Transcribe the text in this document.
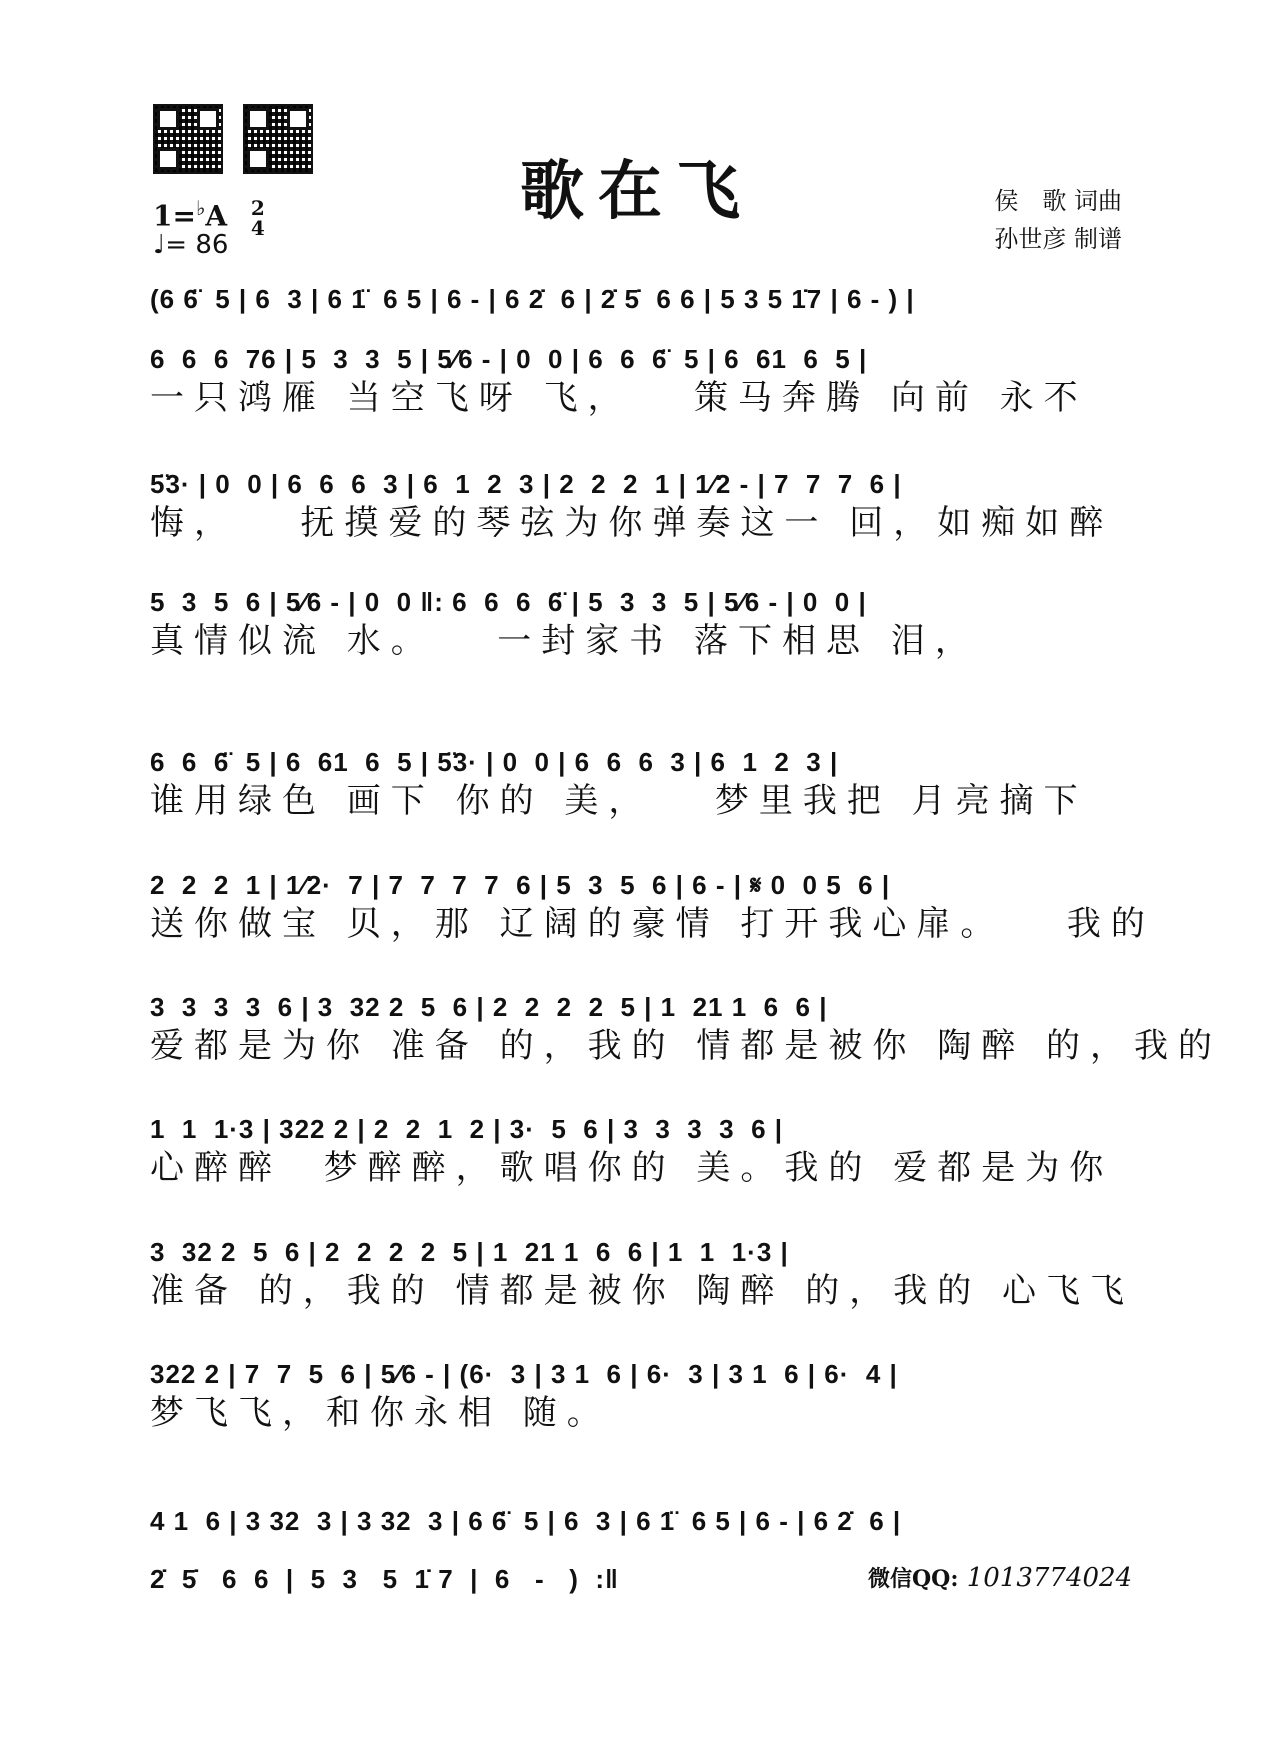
歌在飞	侯　歌 词曲
孙世彦 制谱
1=♭A 2
4
♩= 86
(6 6̈  5 | 6  3 | 6 1̈  6 5 | 6 - | 6 2̇  6 | 2̇ 5̇  6 6 | 5 3 5 1̇7 | 6 - ) |
6  6  6  76 | 5  3  3  5 | 5⁄6 - | 0  0 | 6  6  6̈  5 | 6  61  6  5 |
一只鸿雁 当空飞呀 飞，   策马奔腾 向前 永不
5̈3· | 0  0 | 6  6  6  3 | 6  1  2  3 | 2  2  2  1 | 1⁄2 - | 7  7  7  6 |
悔，   抚摸爱的琴弦为你弹奏这一 回，如痴如醉
5  3  5  6 | 5⁄6 - | 0  0 ‖: 6  6  6  6̈ | 5  3  3  5 | 5⁄6 - | 0  0 |
真情似流 水。   一封家书 落下相思 泪，
6  6  6̈  5 | 6  61  6  5 | 5̈3· | 0  0 | 6  6  6  3 | 6  1  2  3 |
谁用绿色 画下 你的 美，   梦里我把 月亮摘下
2  2  2  1 | 1⁄2·  7 | 7  7  7  7  6 | 5  3  5  6 | 6 - | 𝄋 0  0 5  6 |
送你做宝 贝，那 辽阔的豪情 打开我心扉。   我的
3  3  3  3  6 | 3  32 2  5  6 | 2  2  2  2  5 | 1  21 1  6  6 |
爱都是为你 准备 的，我的 情都是被你 陶醉 的，我的
1  1  1·3 | 322 2 | 2  2  1  2 | 3·  5  6 | 3  3  3  3  6 |
心醉醉  梦醉醉，歌唱你的 美。我的 爱都是为你
3  32 2  5  6 | 2  2  2  2  5 | 1  21 1  6  6 | 1  1  1·3 |
准备 的，我的 情都是被你 陶醉 的，我的 心飞飞
322 2 | 7  7  5  6 | 5⁄6 - | (6·  3 | 3 1  6 | 6·  3 | 3 1  6 | 6·  4 |
梦飞飞，和你永相 随。
4 1  6 | 3 32  3 | 3 32  3 | 6 6̈  5 | 6  3 | 6 1̈  6 5 | 6 - | 6 2̇  6 |
2̇  5̇   6  6  |  5  3   5  1̇ 7  |  6   -   )  :‖	微信QQ: 1013774024
